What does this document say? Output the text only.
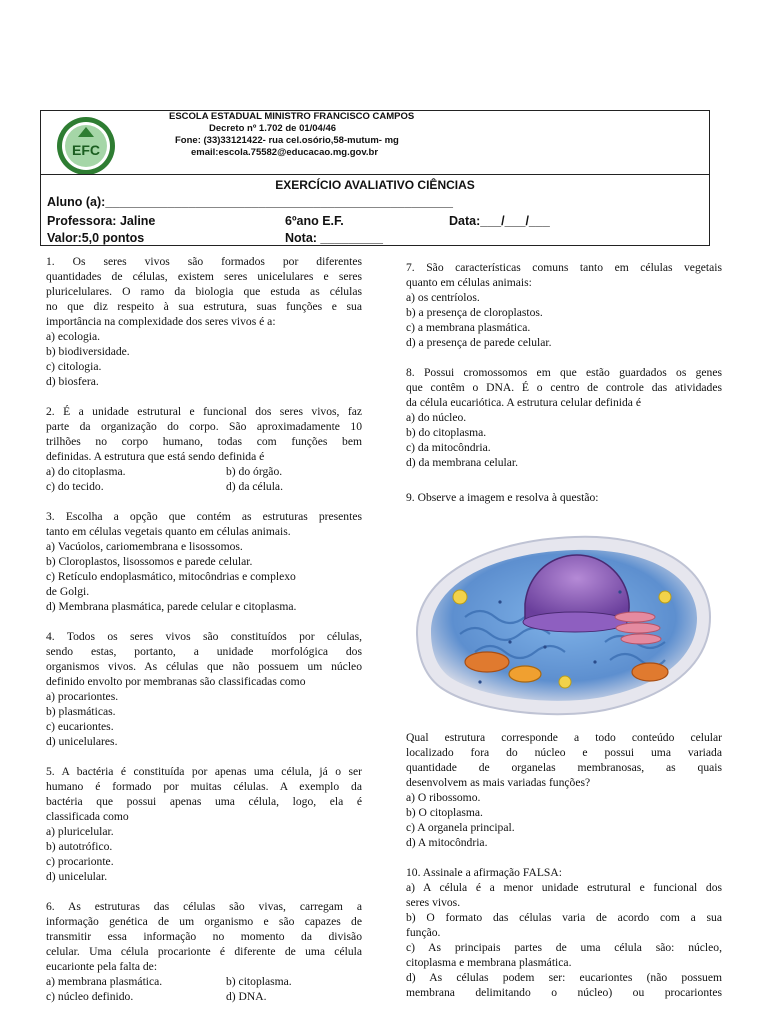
EFC
ESCOLA ESTADUAL MINISTRO FRANCISCO CAMPOS
Decreto nº 1.702 de 01/04/46
Fone: (33)33121422- rua cel.osório,58-mutum- mg
email:escola.75582@educacao.mg.gov.br
EXERCÍCIO AVALIATIVO CIÊNCIAS
Aluno (a):__________________________________________________
Professora: Jaline	6ºano E.F.	Data:___/___/___
Valor:5,0 pontos	Nota: _________

1. Os seres vivos são formados por diferentes

quantidades de células, existem seres unicelulares e seres

pluricelulares. O ramo da biologia que estuda as células

no que diz respeito à sua estrutura, suas funções e sua

importância na complexidade dos seres vivos é a:

a) ecologia.

b) biodiversidade.

c) citologia.

d) biosfera.

2. É a unidade estrutural e funcional dos seres vivos, faz

parte da organização do corpo. São aproximadamente 10

trilhões no corpo humano, todas com funções bem

definidas. A estrutura que está sendo definida é

a) do citoplasma.	b) do órgão.

c) do tecido.	d) da célula.

3. Escolha a opção que contém as estruturas presentes

tanto em células vegetais quanto em células animais.

a) Vacúolos, cariomembrana e lisossomos.

b) Cloroplastos, lisossomos e parede celular.

c) Retículo endoplasmático, mitocôndrias e complexo

de Golgi.

d) Membrana plasmática, parede celular e citoplasma.

4. Todos os seres vivos são constituídos por células,

sendo estas, portanto, a unidade morfológica dos

organismos vivos. As células que não possuem um núcleo

definido envolto por membranas são classificadas como

a) procariontes.

b) plasmáticas.

c) eucariontes.

d) unicelulares.

5. A bactéria é constituída por apenas uma célula, já o ser

humano é formado por muitas células. A exemplo da

bactéria que possui apenas uma célula, logo, ela é

classificada como

a) pluricelular.

b) autotrófico.

c) procarionte.

d) unicelular.

6. As estruturas das células são vivas, carregam a

informação genética de um organismo e são capazes de

transmitir essa informação no momento da divisão

celular. Uma célula procarionte é diferente de uma célula

eucarionte pela falta de:

a) membrana plasmática.	b) citoplasma.

c) núcleo definido.	d) DNA.

7. São características comuns tanto em células vegetais

quanto em células animais:

a) os centríolos.

b) a presença de cloroplastos.

c) a membrana plasmática.

d) a presença de parede celular.

8. Possui cromossomos em que estão guardados os genes

que contêm o DNA. É o centro de controle das atividades

da célula eucariótica. A estrutura celular definida é

a) do núcleo.

b) do citoplasma.

c) da mitocôndria.

d) da membrana celular.

9. Observe a imagem e resolva à questão:

Qual estrutura corresponde a todo conteúdo celular

localizado fora do núcleo e possui uma variada

quantidade de organelas membranosas, as quais

desenvolvem as mais variadas funções?

a) O ribossomo.

b) O citoplasma.

c) A organela principal.

d) A mitocôndria.

10. Assinale a afirmação FALSA:

a) A célula é a menor unidade estrutural e funcional dos

seres vivos.

b) O formato das células varia de acordo com a sua

função.

c) As principais partes de uma célula são: núcleo,

citoplasma e membrana plasmática.

d) As células podem ser: eucariontes (não possuem

membrana delimitando o núcleo) ou procariontes
